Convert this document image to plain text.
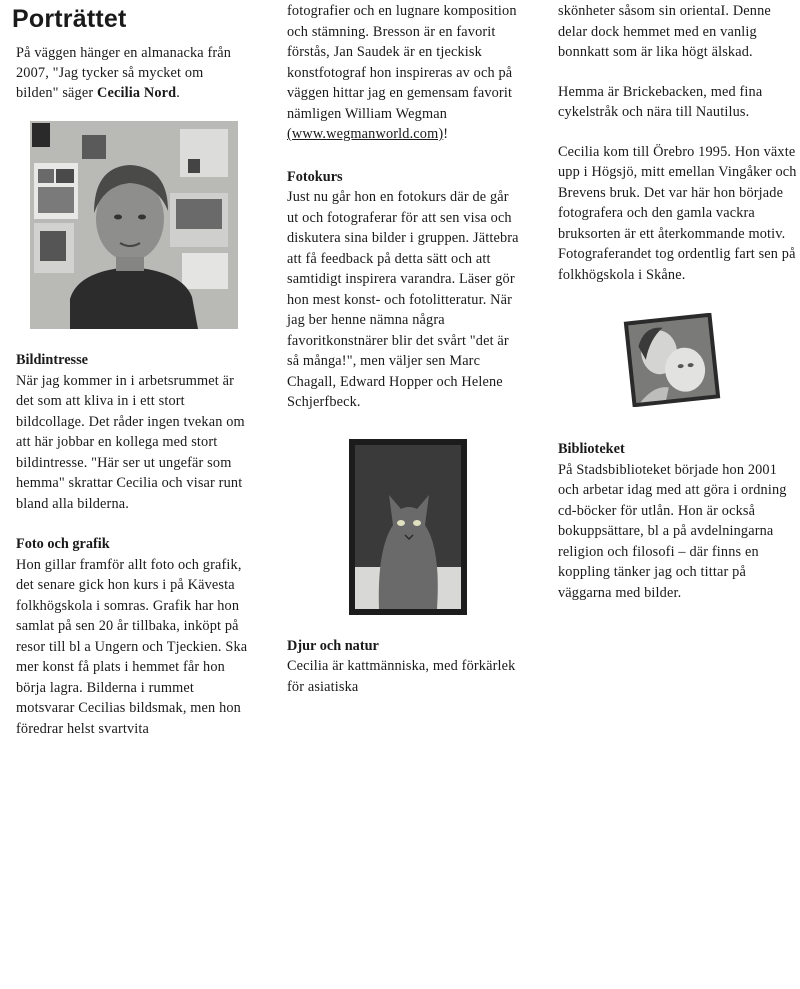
Porträttet

På väggen hänger en almanacka från 2007, "Jag tycker så mycket om bilden" säger Cecilia Nord.

Bildintresse

När jag kommer in i arbetsrummet är det som att kliva in i ett stort bildcollage. Det råder ingen tvekan om att här jobbar en kollega med stort bildintresse. "Här ser ut ungefär som hemma" skrattar Cecilia och visar runt bland alla bilderna.

Foto och grafik

Hon gillar framför allt foto och grafik, det senare gick hon kurs i på Kävesta folkhögskola i somras. Grafik har hon samlat på sen 20 år tillbaka, inköpt på resor till bl a Ungern och Tjeckien. Ska mer konst få plats i hemmet får hon börja lagra. Bilderna i rummet motsvarar Cecilias bildsmak, men hon föredrar helst svartvita

fotografier och en lugnare komposition och stämning. Bresson är en favorit förstås, Jan Saudek är en tjeckisk konstfotograf hon inspireras av och på väggen hittar jag en gemensam favorit nämligen William Wegman
(www.wegmanworld.com)!

Fotokurs

Just nu går hon en fotokurs där de går ut och fotograferar för att sen visa och diskutera sina bilder i gruppen. Jättebra att få feedback på detta sätt och att samtidigt inspirera varandra. Läser gör hon mest konst- och fotolitteratur. När jag ber henne nämna några favoritkonstnärer blir det svårt "det är så många!", men väljer sen Marc Chagall, Edward Hopper och Helene Schjerfbeck.

Djur och natur

Cecilia är kattmänniska, med förkärlek för asiatiska

skönheter såsom sin orientaI. Denne delar dock hemmet med en vanlig bonnkatt som är lika högt älskad.

Hemma är Brickebacken, med fina cykelstråk och nära till Nautilus.

Cecilia kom till Örebro 1995. Hon växte upp i Högsjö, mitt emellan Vingåker och Brevens bruk. Det var här hon började fotografera och den gamla vackra bruksorten är ett återkommande motiv. Fotograferandet tog ordentlig fart sen på folkhögskola i Skåne.

Biblioteket

På Stadsbiblioteket började hon 2001 och arbetar idag med att göra i ordning cd-böcker för utlån. Hon är också bokuppsättare, bl a på avdelningarna religion och filosofi – där finns en koppling tänker jag och tittar på väggarna med bilder.
